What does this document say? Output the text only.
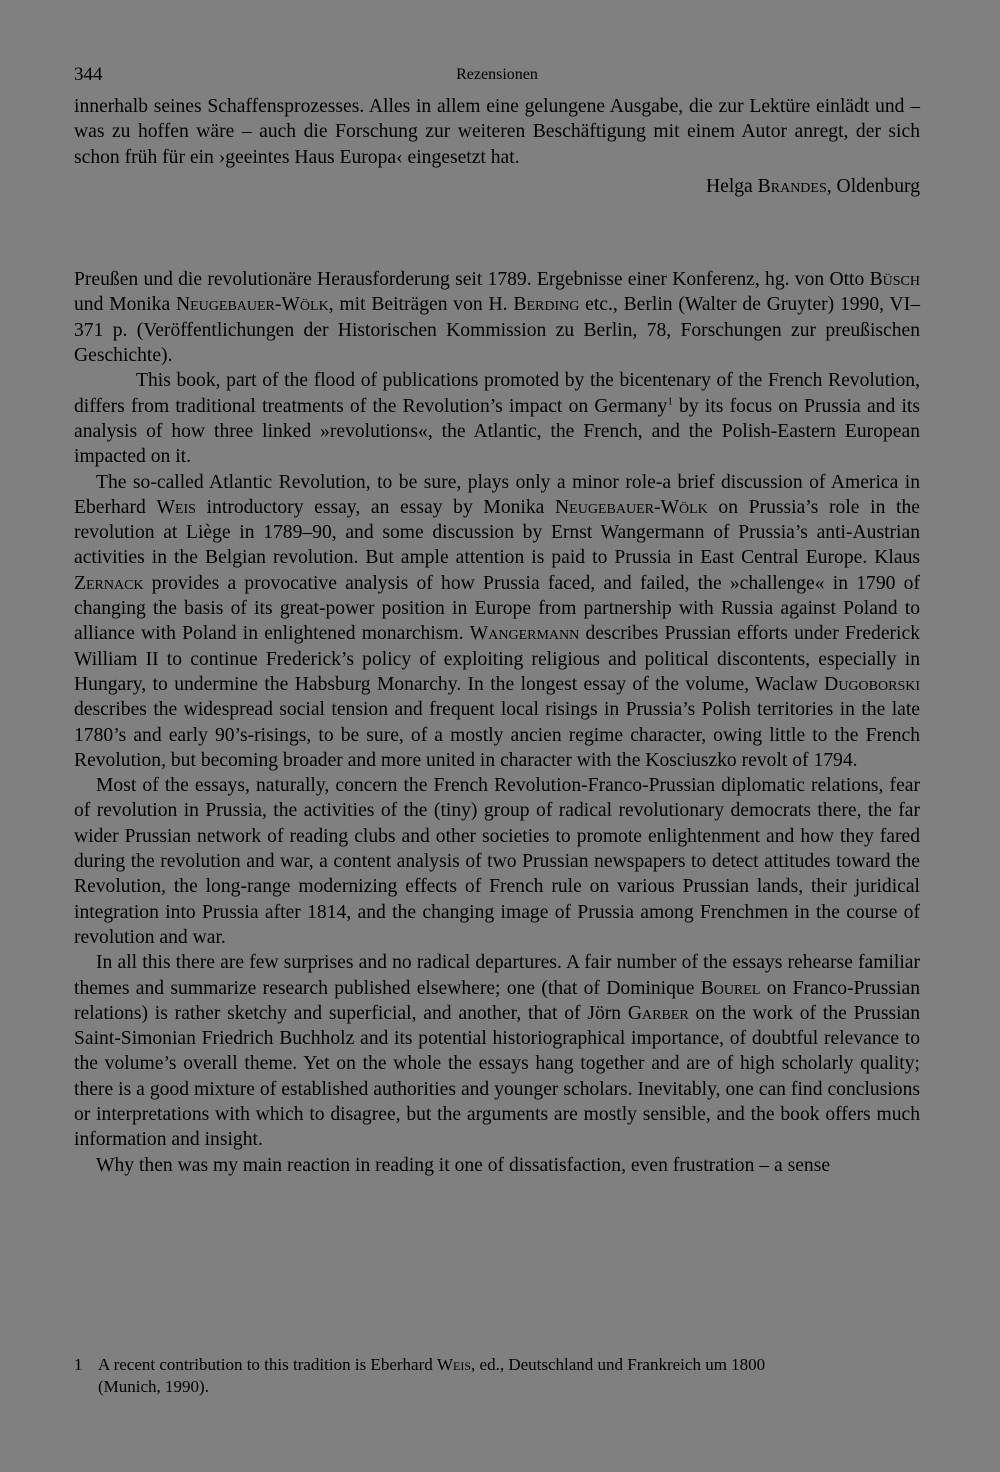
344	Rezensionen

innerhalb seines Schaffensprozesses. Alles in allem eine gelungene Ausgabe, die zur Lektüre einlädt und – was zu hoffen wäre – auch die Forschung zur weiteren Beschäftigung mit einem Autor anregt, der sich schon früh für ein ›geeintes Haus Europa‹ eingesetzt hat.

Helga Brandes, Oldenburg

Preußen und die revolutionäre Herausforderung seit 1789. Ergebnisse einer Konferenz, hg. von Otto Büsch und Monika Neugebauer-Wölk, mit Beiträgen von H. Berding etc., Berlin (Walter de Gruyter) 1990, VI–371 p. (Veröffentlichungen der Historischen Kommission zu Berlin, 78, Forschungen zur preußischen Geschichte).

This book, part of the flood of publications promoted by the bicentenary of the French Revolution, differs from traditional treatments of the Revolution’s impact on Germany$^1$ by its focus on Prussia and its analysis of how three linked »revolutions«, the Atlantic, the French, and the Polish-Eastern European impacted on it.

The so-called Atlantic Revolution, to be sure, plays only a minor role-a brief discussion of America in Eberhard Weis introductory essay, an essay by Monika Neugebauer-Wölk on Prussia’s role in the revolution at Liège in 1789–90, and some discussion by Ernst Wangermann of Prussia’s anti-Austrian activities in the Belgian revolution. But ample attention is paid to Prussia in East Central Europe. Klaus Zernack provides a provocative analysis of how Prussia faced, and failed, the »challenge« in 1790 of changing the basis of its great-power position in Europe from partnership with Russia against Poland to alliance with Poland in enlightened monarchism. Wangermann describes Prussian efforts under Frederick William II to continue Frederick’s policy of exploiting religious and political discontents, especially in Hungary, to undermine the Habsburg Monarchy. In the longest essay of the volume, Waclaw Dugoborski describes the widespread social tension and frequent local risings in Prussia’s Polish territories in the late 1780’s and early 90’s-risings, to be sure, of a mostly ancien regime character, owing little to the French Revolution, but becoming broader and more united in character with the Kosciuszko revolt of 1794.

Most of the essays, naturally, concern the French Revolution-Franco-Prussian diplomatic relations, fear of revolution in Prussia, the activities of the (tiny) group of radical revolutionary democrats there, the far wider Prussian network of reading clubs and other societies to promote enlightenment and how they fared during the revolution and war, a content analysis of two Prussian newspapers to detect attitudes toward the Revolution, the long-range modernizing effects of French rule on various Prussian lands, their juridical integration into Prussia after 1814, and the changing image of Prussia among Frenchmen in the course of revolution and war.

In all this there are few surprises and no radical departures. A fair number of the essays rehearse familiar themes and summarize research published elsewhere; one (that of Dominique Bourel on Franco-Prussian relations) is rather sketchy and superficial, and another, that of Jörn Garber on the work of the Prussian Saint-Simonian Friedrich Buchholz and its potential historiographical importance, of doubtful relevance to the volume’s overall theme. Yet on the whole the essays hang together and are of high scholarly quality; there is a good mixture of established authorities and younger scholars. Inevitably, one can find conclusions or interpretations with which to disagree, but the arguments are mostly sensible, and the book offers much information and insight.

Why then was my main reaction in reading it one of dissatisfaction, even frustration – a sense

1 A recent contribution to this tradition is Eberhard Weis, ed., Deutschland und Frankreich um 1800
(Munich, 1990).
